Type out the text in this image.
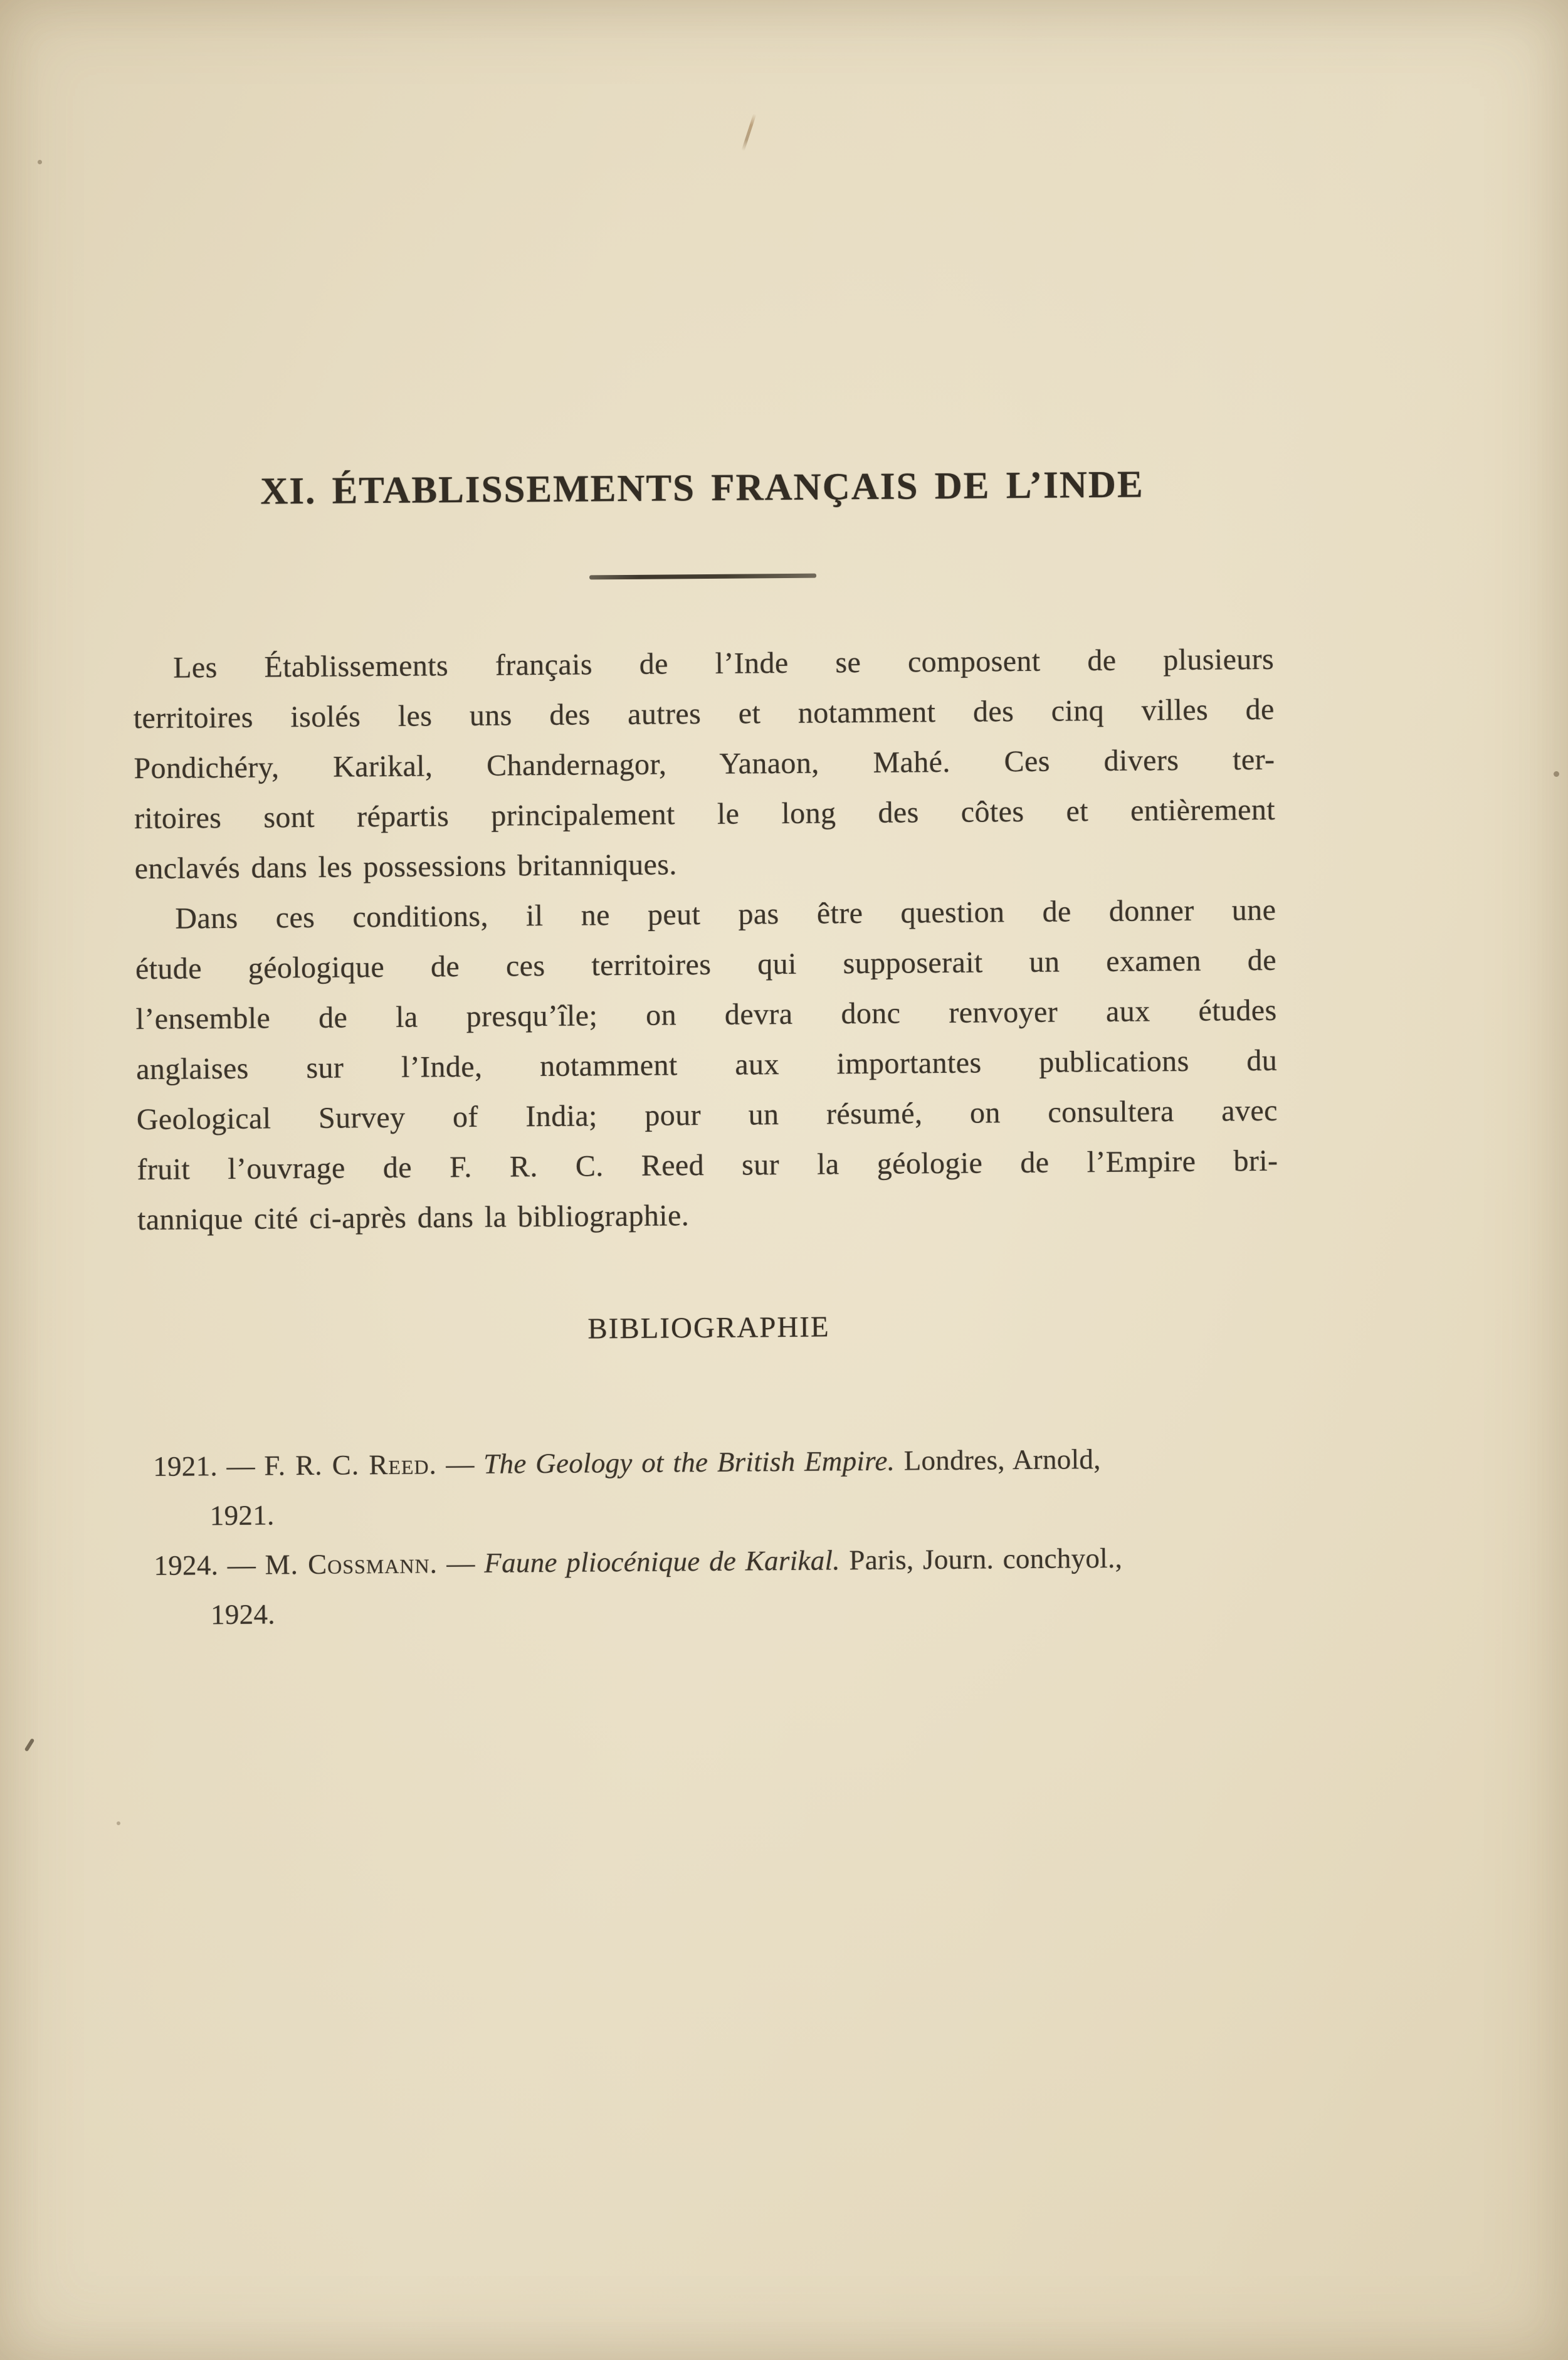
XI. ÉTABLISSEMENTS FRANÇAIS DE L’INDE
Les Établissements français de l’Inde se composent de plusieurs
territoires isolés les uns des autres et notamment des cinq villes de
Pondichéry, Karikal, Chandernagor, Yanaon, Mahé. Ces divers ter-
ritoires sont répartis principalement le long des côtes et entièrement
enclavés dans les possessions britanniques.
Dans ces conditions, il ne peut pas être question de donner une
étude géologique de ces territoires qui supposerait un examen de
l’ensemble de la presqu’île; on devra donc renvoyer aux études
anglaises sur l’Inde, notamment aux importantes publications du
Geological Survey of India; pour un résumé, on consultera avec
fruit l’ouvrage de F. R. C. Reed sur la géologie de l’Empire bri-
tannique cité ci-après dans la bibliographie.
BIBLIOGRAPHIE
1921. — F. R. C. Reed. — The Geology ot the British Empire. Londres, Arnold,
1921.
1924. — M. Cossmann. — Faune pliocénique de Karikal. Paris, Journ. conchyol.,
1924.
